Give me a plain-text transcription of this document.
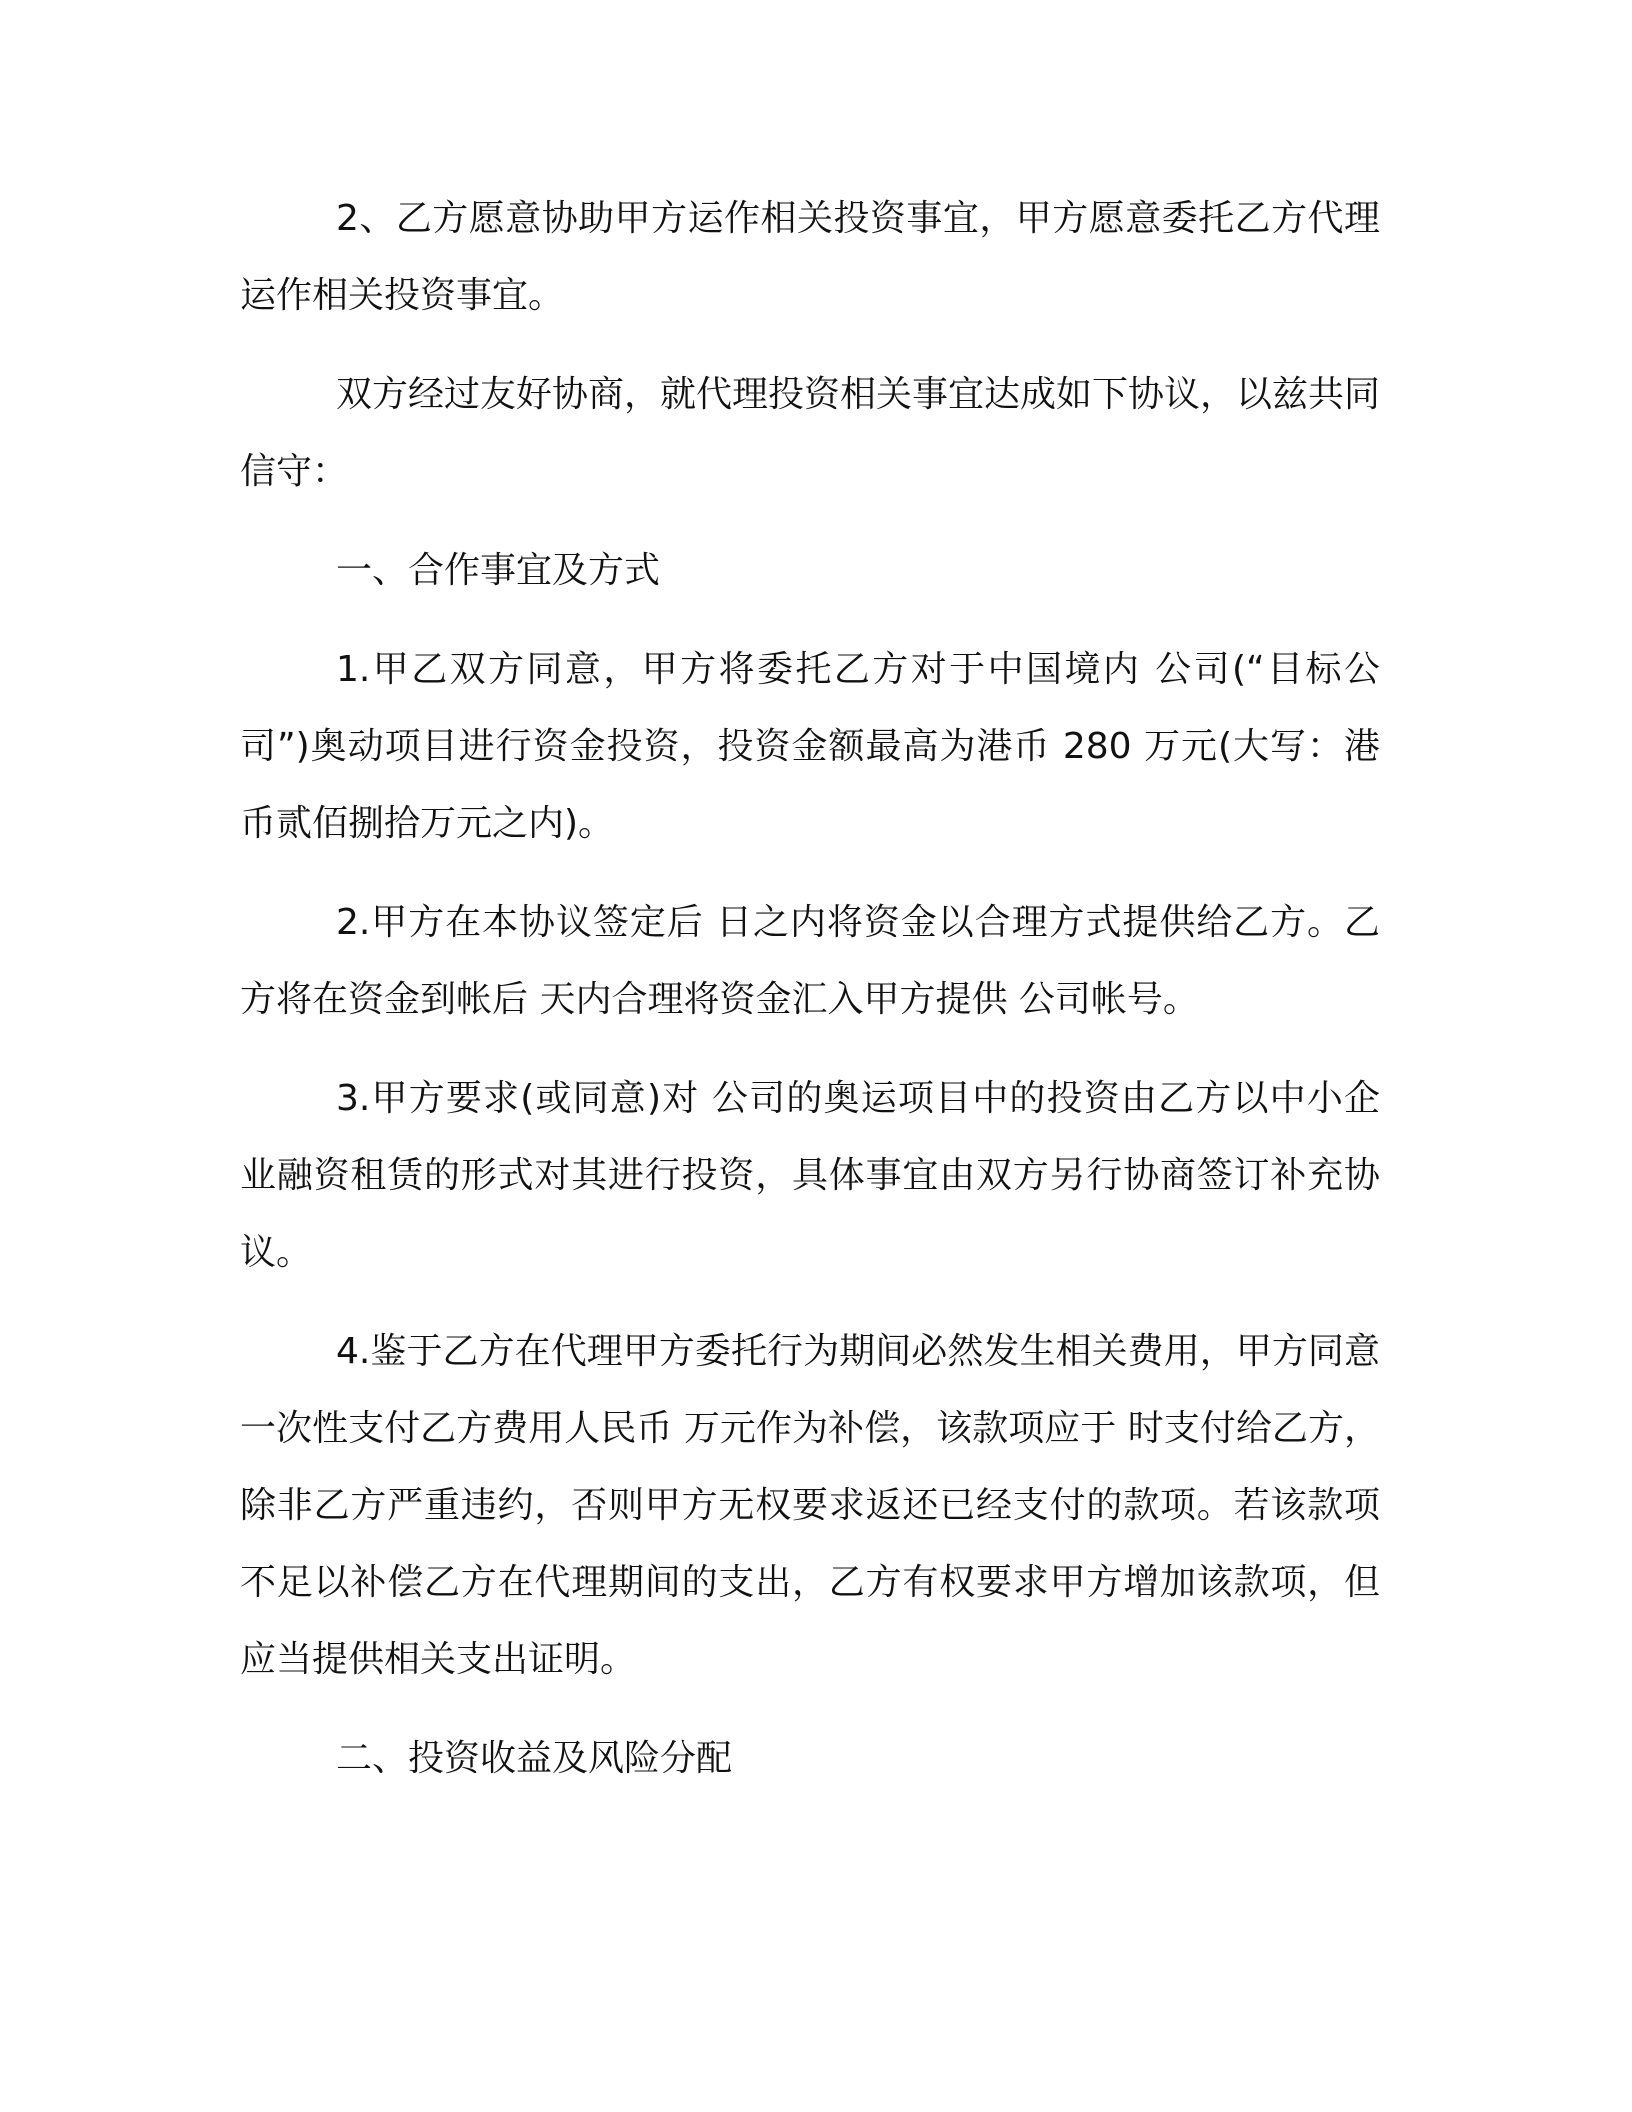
2、乙方愿意协助甲方运作相关投资事宜，甲方愿意委托乙方代理运作相关投资事宜。

双方经过友好协商，就代理投资相关事宜达成如下协议，以兹共同信守：

一、合作事宜及方式

1.甲乙双方同意，甲方将委托乙方对于中国境内 公司(“目标公司”)奥动项目进行资金投资，投资金额最高为港币 280 万元(大写：港币贰佰捌拾万元之内)。

2.甲方在本协议签定后 日之内将资金以合理方式提供给乙方。乙方将在资金到帐后 天内合理将资金汇入甲方提供 公司帐号。

3.甲方要求(或同意)对 公司的奥运项目中的投资由乙方以中小企业融资租赁的形式对其进行投资，具体事宜由双方另行协商签订补充协议。

4.鉴于乙方在代理甲方委托行为期间必然发生相关费用，甲方同意一次性支付乙方费用人民币 万元作为补偿，该款项应于 时支付给乙方，除非乙方严重违约，否则甲方无权要求返还已经支付的款项。若该款项不足以补偿乙方在代理期间的支出，乙方有权要求甲方增加该款项，但应当提供相关支出证明。

二、投资收益及风险分配
